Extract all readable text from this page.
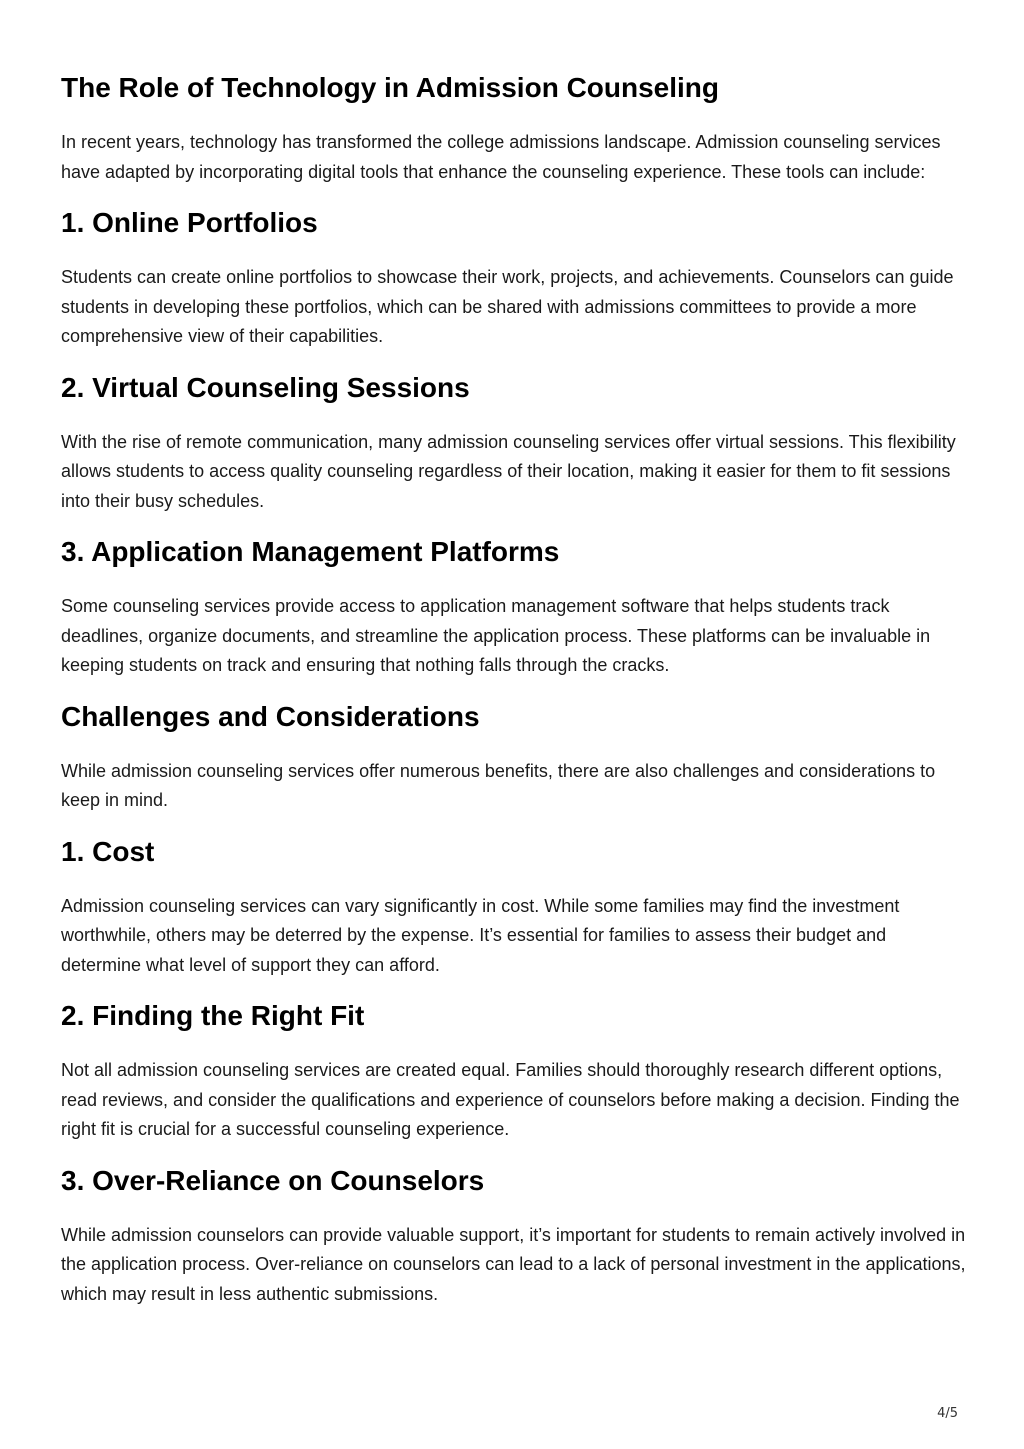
The Role of Technology in Admission Counseling

In recent years, technology has transformed the college admissions landscape. Admission counseling services have adapted by incorporating digital tools that enhance the counseling experience. These tools can include:

1. Online Portfolios

Students can create online portfolios to showcase their work, projects, and achievements. Counselors can guide students in developing these portfolios, which can be shared with admissions committees to provide a more comprehensive view of their capabilities.

2. Virtual Counseling Sessions

With the rise of remote communication, many admission counseling services offer virtual sessions. This flexibility allows students to access quality counseling regardless of their location, making it easier for them to fit sessions into their busy schedules.

3. Application Management Platforms

Some counseling services provide access to application management software that helps students track deadlines, organize documents, and streamline the application process. These platforms can be invaluable in keeping students on track and ensuring that nothing falls through the cracks.

Challenges and Considerations

While admission counseling services offer numerous benefits, there are also challenges and considerations to keep in mind.

1. Cost

Admission counseling services can vary significantly in cost. While some families may find the investment worthwhile, others may be deterred by the expense. It’s essential for families to assess their budget and determine what level of support they can afford.

2. Finding the Right Fit

Not all admission counseling services are created equal. Families should thoroughly research different options, read reviews, and consider the qualifications and experience of counselors before making a decision. Finding the right fit is crucial for a successful counseling experience.

3. Over-Reliance on Counselors

While admission counselors can provide valuable support, it’s important for students to remain actively involved in the application process. Over-reliance on counselors can lead to a lack of personal investment in the applications, which may result in less authentic submissions.

4/5
